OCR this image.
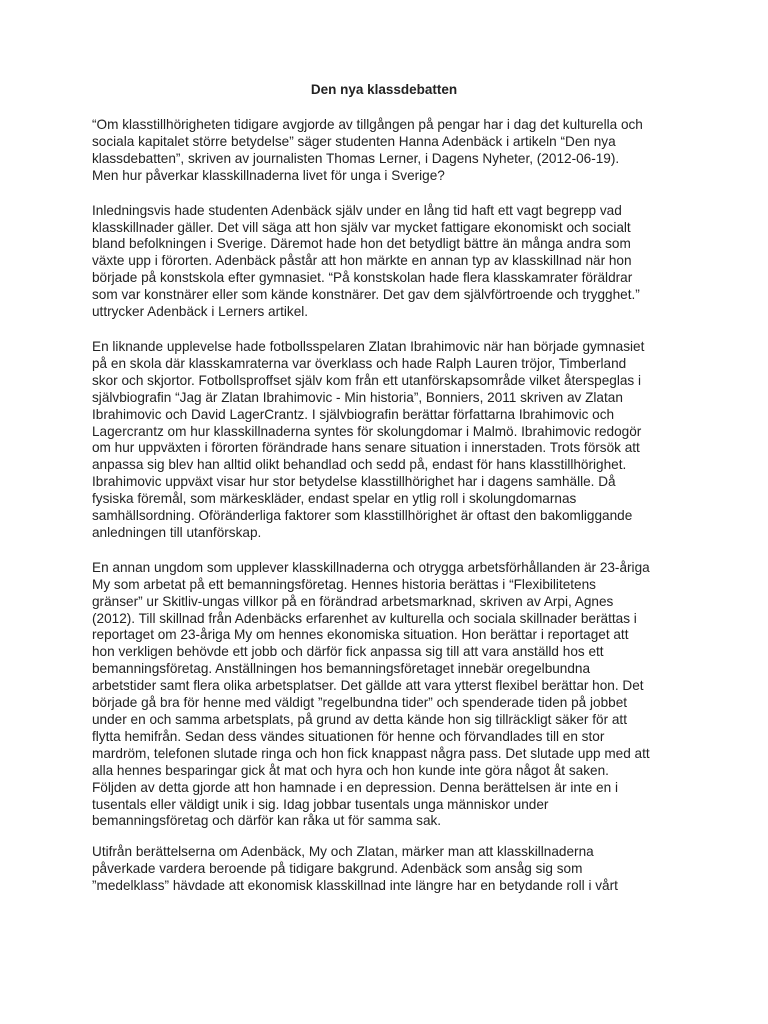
Den nya klassdebatten
“Om klasstillhörigheten tidigare avgjorde av tillgången på pengar har i dag det kulturella och
sociala kapitalet större betydelse” säger studenten Hanna Adenbäck i artikeln “Den nya
klassdebatten”, skriven av journalisten Thomas Lerner, i Dagens Nyheter, (2012-06-19).
Men hur påverkar klasskillnaderna livet för unga i Sverige?
Inledningsvis hade studenten Adenbäck själv under en lång tid haft ett vagt begrepp vad
klasskillnader gäller. Det vill säga att hon själv var mycket fattigare ekonomiskt och socialt
bland befolkningen i Sverige. Däremot hade hon det betydligt bättre än många andra som
växte upp i förorten. Adenbäck påstår att hon märkte en annan typ av klasskillnad när hon
började på konstskola efter gymnasiet. “På konstskolan hade flera klasskamrater föräldrar
som var konstnärer eller som kände konstnärer. Det gav dem självförtroende och trygghet.”
uttrycker Adenbäck i Lerners artikel.
En liknande upplevelse hade fotbollsspelaren Zlatan Ibrahimovic när han började gymnasiet
på en skola där klasskamraterna var överklass och hade Ralph Lauren tröjor, Timberland
skor och skjortor. Fotbollsproffset själv kom från ett utanförskapsområde vilket återspeglas i
självbiografin “Jag är Zlatan Ibrahimovic - Min historia”, Bonniers, 2011 skriven av Zlatan
Ibrahimovic och David LagerCrantz. I självbiografin berättar författarna Ibrahimovic och
Lagercrantz om hur klasskillnaderna syntes för skolungdomar i Malmö. Ibrahimovic redogör
om hur uppväxten i förorten förändrade hans senare situation i innerstaden. Trots försök att
anpassa sig blev han alltid olikt behandlad och sedd på, endast för hans klasstillhörighet.
Ibrahimovic uppväxt visar hur stor betydelse klasstillhörighet har i dagens samhälle. Då
fysiska föremål, som märkeskläder, endast spelar en ytlig roll i skolungdomarnas
samhällsordning. Oföränderliga faktorer som klasstillhörighet är oftast den bakomliggande
anledningen till utanförskap.
En annan ungdom som upplever klasskillnaderna och otrygga arbetsförhållanden är 23-åriga
My som arbetat på ett bemanningsföretag. Hennes historia berättas i “Flexibilitetens
gränser” ur Skitliv-ungas villkor på en förändrad arbetsmarknad, skriven av Arpi, Agnes
(2012). Till skillnad från Adenbäcks erfarenhet av kulturella och sociala skillnader berättas i
reportaget om 23-åriga My om hennes ekonomiska situation. Hon berättar i reportaget att
hon verkligen behövde ett jobb och därför fick anpassa sig till att vara anställd hos ett
bemanningsföretag. Anställningen hos bemanningsföretaget innebär oregelbundna
arbetstider samt flera olika arbetsplatser. Det gällde att vara ytterst flexibel berättar hon. Det
började gå bra för henne med väldigt ”regelbundna tider” och spenderade tiden på jobbet
under en och samma arbetsplats, på grund av detta kände hon sig tillräckligt säker för att
flytta hemifrån. Sedan dess vändes situationen för henne och förvandlades till en stor
mardröm, telefonen slutade ringa och hon fick knappast några pass. Det slutade upp med att
alla hennes besparingar gick åt mat och hyra och hon kunde inte göra något åt saken.
Följden av detta gjorde att hon hamnade i en depression. Denna berättelsen är inte en i
tusentals eller väldigt unik i sig. Idag jobbar tusentals unga människor under
bemanningsföretag och därför kan råka ut för samma sak.
Utifrån berättelserna om Adenbäck, My och Zlatan, märker man att klasskillnaderna
påverkade vardera beroende på tidigare bakgrund. Adenbäck som ansåg sig som
”medelklass” hävdade att ekonomisk klasskillnad inte längre har en betydande roll i vårt
